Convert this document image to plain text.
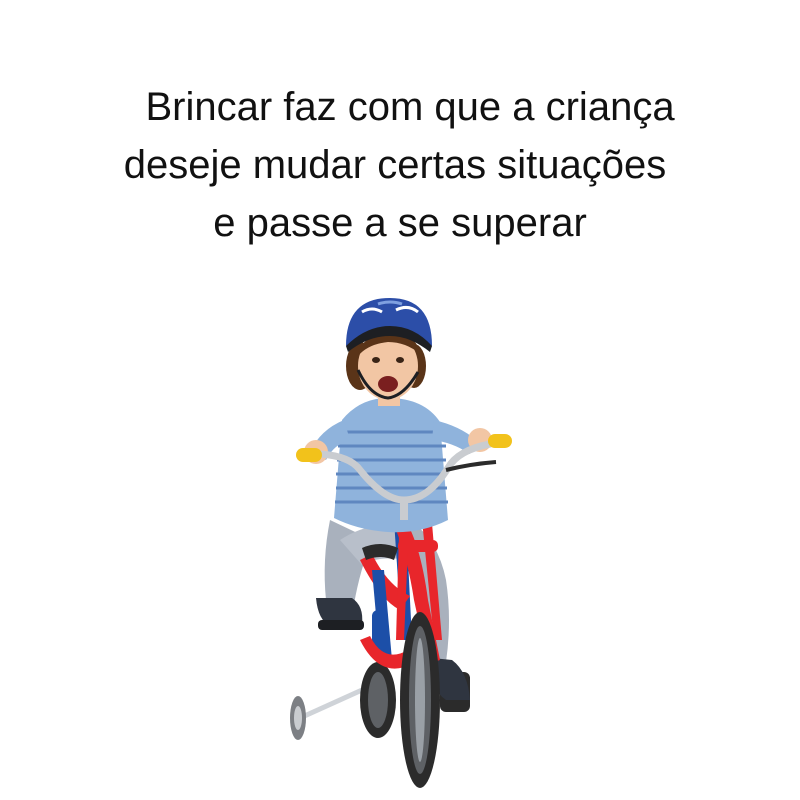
Brincar faz com que a criança
deseje mudar certas situações
e passe a se superar
